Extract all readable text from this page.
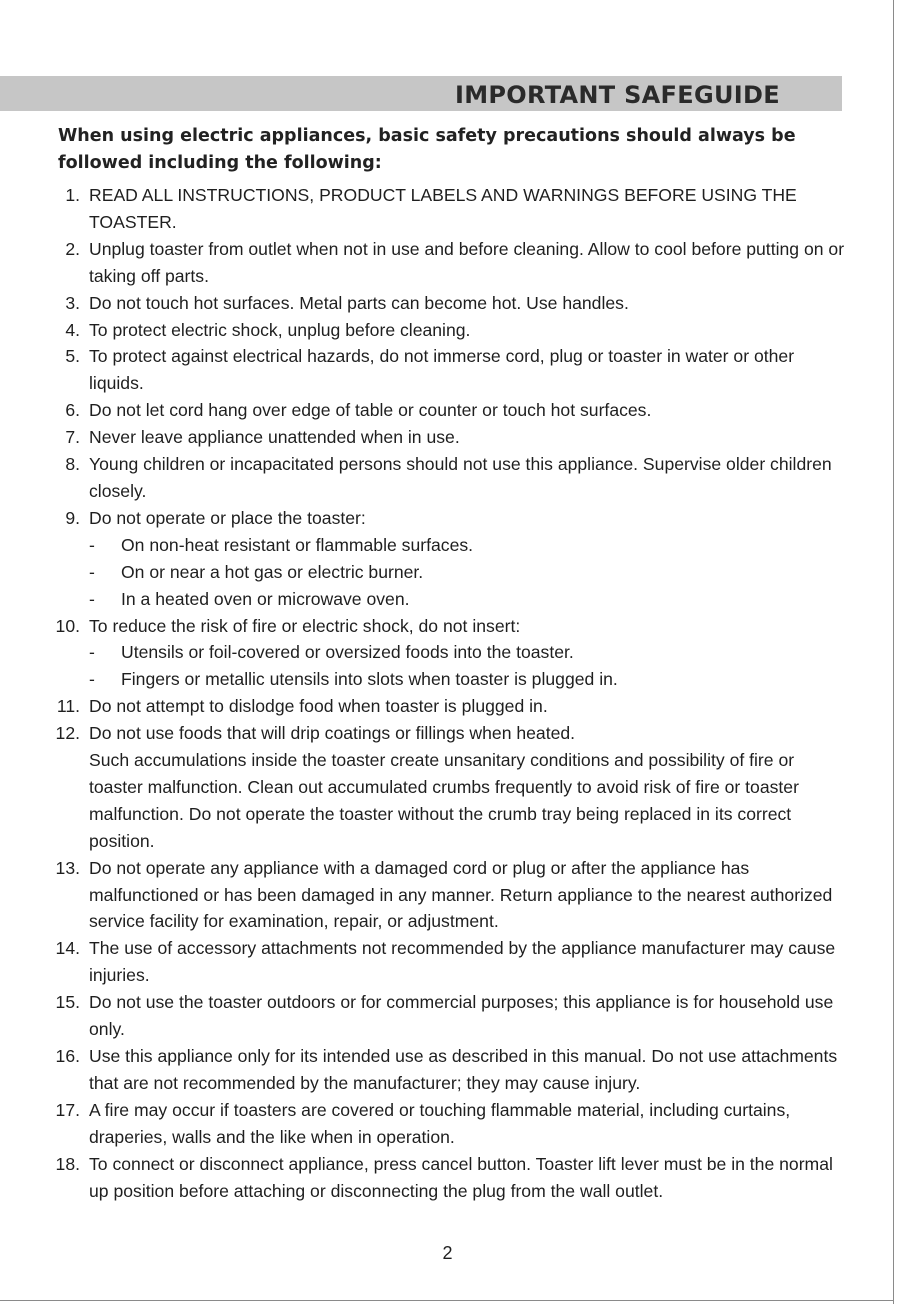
IMPORTANT SAFEGUIDE

When using electric appliances, basic safety precautions should always be followed including the following:

1. READ ALL INSTRUCTIONS, PRODUCT LABELS AND WARNINGS BEFORE USING THE TOASTER.
2. Unplug toaster from outlet when not in use and before cleaning. Allow to cool before putting on or taking off parts.
3. Do not touch hot surfaces. Metal parts can become hot. Use handles.
4. To protect electric shock, unplug before cleaning.
5. To protect against electrical hazards, do not immerse cord, plug or toaster in water or other liquids.
6. Do not let cord hang over edge of table or counter or touch hot surfaces.
7. Never leave appliance unattended when in use.
8. Young children or incapacitated persons should not use this appliance. Supervise older children closely.
9. Do not operate or place the toaster:
- On non-heat resistant or flammable surfaces.
- On or near a hot gas or electric burner.
- In a heated oven or microwave oven.
10. To reduce the risk of fire or electric shock, do not insert:
- Utensils or foil-covered or oversized foods into the toaster.
- Fingers or metallic utensils into slots when toaster is plugged in.
11. Do not attempt to dislodge food when toaster is plugged in.
12. Do not use foods that will drip coatings or fillings when heated.
Such accumulations inside the toaster create unsanitary conditions and possibility of fire or toaster malfunction. Clean out accumulated crumbs frequently to avoid risk of fire or toaster malfunction. Do not operate the toaster without the crumb tray being replaced in its correct position.
13. Do not operate any appliance with a damaged cord or plug or after the appliance has malfunctioned or has been damaged in any manner. Return appliance to the nearest authorized service facility for examination, repair, or adjustment.
14. The use of accessory attachments not recommended by the appliance manufacturer may cause injuries.
15. Do not use the toaster outdoors or for commercial purposes; this appliance is for household use only.
16. Use this appliance only for its intended use as described in this manual. Do not use attachments that are not recommended by the manufacturer; they may cause injury.
17. A fire may occur if toasters are covered or touching flammable material, including curtains, draperies, walls and the like when in operation.
18. To connect or disconnect appliance, press cancel button. Toaster lift lever must be in the normal up position before attaching or disconnecting the plug from the wall outlet.
2
